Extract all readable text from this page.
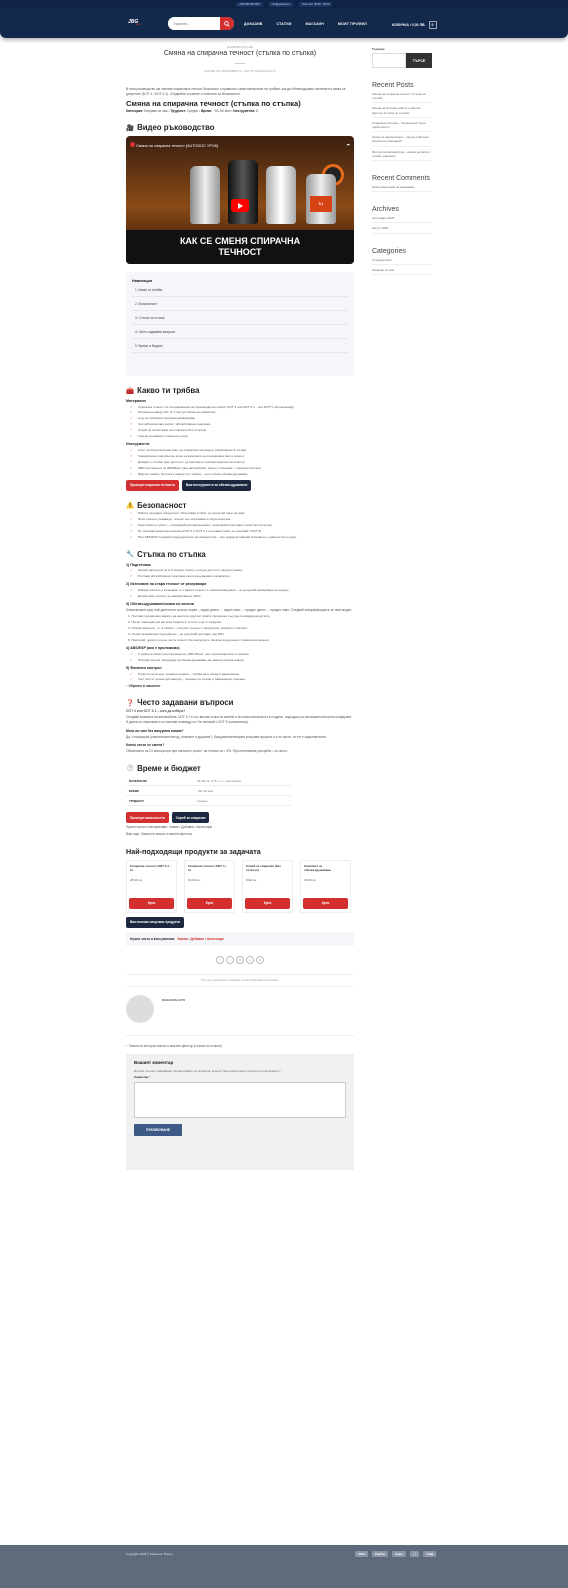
+359 895 842 804	info@gmail.com	Пон.-Пет. 09:00 - 18:00
JBG
АВТО
Търсене...	ДОКАЗИВ	СТАТИИ	МАГАЗИН	МОИТ ПРОФИЛ	КОЛИЧКА / 0,00 ЛВ. 0
НАПРАВИ СИ САМ
Смяна на спирачна течност (стъпка по стъпка)
POSTED ON СЕПТЕМВРИ 21, 2025 BY RAIHADIAAUTO

В това ръководство ще сменим спирачната течност безопасно и правилно: какви материали ни трябват, как да обезвъздушим системата и каква са допустите (DOT 4 / DOT 5.1). Следвайте стъпките и съветите за безопасност.

Смяна на спирачна течност (стъпка по стъпка)
Категория: Направи си сам • Трудност: Средно • Време: ~60–90 мин • Инструменти: 8
🎥 Видео ръководство
Смяна на спирачна течност [AUTODOC УРОК]	➦
5.1
КАК СЕ СМЕНЯ СПИРАЧНА
ТЕЧНОСТ
Навигация
1. Какво ти трябва
2. Безопасност
3. Стъпка по стъпка
4. Често задавани въпроси
5. Време и бюджет
🧰 Какво ти трябва
Материали
✓ Спирачна течност по спецификация на производителя (напр. DOT 4 или DOT 5.1 – без DOT 5 (силиконова))
✓ Прозрачен маркуч Ø ~5–7 мм (устойчив на химикали)
✓ Съд за събиране (прозрачен/маркиран)
✓ Чисти/безворсови кърпи / абсорбираща подложка
✓ Спрей за почистване на спирачки (без остатък)
✓ Гумени ръкавици и защитни очила
Инструменти
✓ Ключ за изпускателния винт на спирачния цилиндър (обикновено 8–11 мм)
✓ Универсален ключ/гаечен ключ за капачката на резервоара (ако е нужен)
✓ Домкрат и стойки (ако достъпът до винтовете изисква сваляне на колело)
✓ OBD инструмент за ABS/Вако (при автомобили, които го изискват – препоръчително)
✓ Вакуум помпа / бутилка и маркуч (по избор) – за по-бързо обезвъздушаване
Провери спирачни течности	Виж инструменти за обезвъздушаване
⚠️ Безопасност
✓ Работи на равна повърхност. Използвай стойки, не разчитай само на крик.
✓ Носи очила и ръкавици: течността е корозивна и хигроскопична.
✓ Пази боята и гумите – изплаквай разлива веднага, използвай почистващ спрей без остатъка.
✓ Не смесвай различни класове (DOT 4 и DOT 5.1 са съвместими, не смесвай с DOT 5).
✓ При ABS/ESP следвай процедурата на производителя – при нужда активирай блоковете с диагностичен уред.
🔧 Стъпка по стъпка
1) Подготовка
✓ Загрей двигателя за 2–3 минути (леко), осигури достъп и защити хоната.
✓ Постави абсорбираща подложка около резервоара и апаратите.
2) Източване на стара течност от резервоара
✓ Извади колкото е възможно от старата течност с помпа/спринцовка – не допускай засмукване на въздух.
✓ Долей нова течност до маркировката „MAX“.
3) Обезвъздушаване/смяна по колела

Класическият ред: най-далечното колело първо – задно дясно → задно ляво → предно дясно → предно ляво. Следвай спецификацията за твоя модел.

1. Постави прозрачния маркуч на вентила; другият край в прозрачен съд (да се вижда) мехурчета.
2. Пусни помощник да натисне педала 3–4 пъти и да го задържи.
3. Отвори вентила – 1–2 оборот – изпусни течност с мехурчета, затвори и повтори.
4. Пълни резервоара периодично – не допускай да падне под MIN.
5. Повторяй, докато потече чиста течност без мехурчета. Затегни въздушния с правилния момент.
4) ABS/ESP (ако е приложимо)
✓ С диагностична пусни функцията „ABS Bleed“, ако производителят я изисква.
✓ Повтори кратка процедура за обезвъздушаване на диагностичния апарат.
5) Финален контрол
✓ Почисти остатъци, провери педала – трябва да е твърд и равномерен.
✓ Тест на път (ниска дистанция) – провери за течове и равномерно спиране.

↑ Обратно в началото

❓ Често задавани въпроси
DOT 4 или DOT 5.1 – кога да избера?

Следвай книжката на автомобила. DOT 5.1 е със висока точка на кипене и по-ниска вискозност в студено, подходящ за натоварено/спортно шофиране. И двата са гликолови и се смесват помежду си. Не смесвай с DOT 5 (силиконова).

Мога ли сам без вакуумна помпа?

Да, с помощник (класическия метод „помпане и държане“). Вакуумната/напорна ускорява процеса и е по-чисто, но не е задължителна.

Колко често се сменя?

Обикновено на 24 месеца или при сигнален „износ“ на течността > 3%. При интензивна употреба – по-често.

⏱️ Време и бюджет
МАТЕРИАЛИ	40–90 лв. (0,5–1 л + аксесоари)
ВРЕМЕ	~60–90 мин
ТРУДНОСТ	Средно
Провери наличността	Спрей за спирачки

Нужни части и консумативи: Химия • Добавки • Аксесоари

Виж още: Смяна на масло и маслен филтър

Най-подходящи продукти за задачата
Спирачна течност DOT 5.1 – 1L
28,90 лв.
Купи
Спирачна течност DOT 4 – 1L
19,90 лв.
Купи
Спрей за спирачки (без остатък)
8,90 лв.
Купи
Комплект за обезвъздушаване
39,00 лв.
Купи
Виж всички свързани продукти
Нужни части и консумативи: Химия • Добавки • Аксесоари
f	t	✉	p	in
This entry was posted in Направи си сам. Bookmark the permalink.
RAIHADIAAUTO
‹  Смяна на моторно масло и маслен филтър (стъпка по стъпка)
Вашият коментар

Влезли сте като raihadiauto. Редактирайте си профила. Изход? Задължителните полета са отбелязани с *

Коментар *
ПУБЛИКУВАНЕ
Търсене
ТЪРСЕ
Recent Posts
Смяна на спирачна течност (стъпка по стъпка)
Смяна на моторно масло и маслен филтър (стъпка по стъпка)
Спирачна система – безопасността на първо място
Грижа за акумулатора – как да избегнем неприятни изненади?
Филтри на автомобила – малки детайли с голямо значение
Recent Comments
Няма коментари за показване.
Archives
септември 2025
август 2025
Categories
Uncategorized
Направи си сам
Copyright 2025 © Flatsome Theme	VISA	PayPal	stripe	◯	СОД
